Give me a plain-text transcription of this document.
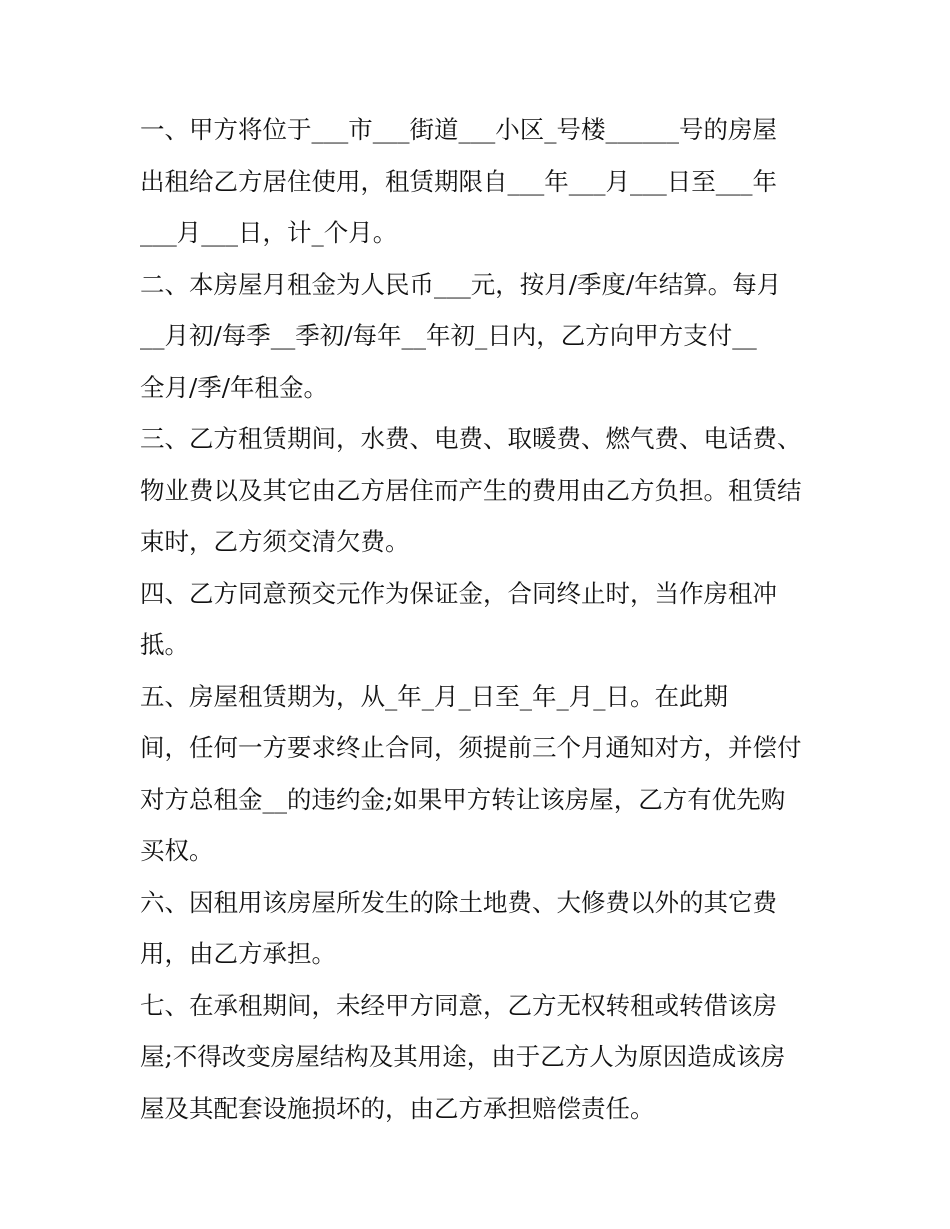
一、甲方将位于___市___街道___小区_号楼______号的房屋
出租给乙方居住使用，租赁期限自___年___月___日至___年
___月___日，计_个月。
二、本房屋月租金为人民币___元，按月/季度/年结算。每月
__月初/每季__季初/每年__年初_日内，乙方向甲方支付__
全月/季/年租金。
三、乙方租赁期间，水费、电费、取暖费、燃气费、电话费、
物业费以及其它由乙方居住而产生的费用由乙方负担。租赁结
束时，乙方须交清欠费。
四、乙方同意预交元作为保证金，合同终止时，当作房租冲
抵。
五、房屋租赁期为，从_年_月_日至_年_月_日。在此期
间，任何一方要求终止合同，须提前三个月通知对方，并偿付
对方总租金__的违约金;如果甲方转让该房屋，乙方有优先购
买权。
六、因租用该房屋所发生的除土地费、大修费以外的其它费
用，由乙方承担。
七、在承租期间，未经甲方同意，乙方无权转租或转借该房
屋;不得改变房屋结构及其用途，由于乙方人为原因造成该房
屋及其配套设施损坏的，由乙方承担赔偿责任。
